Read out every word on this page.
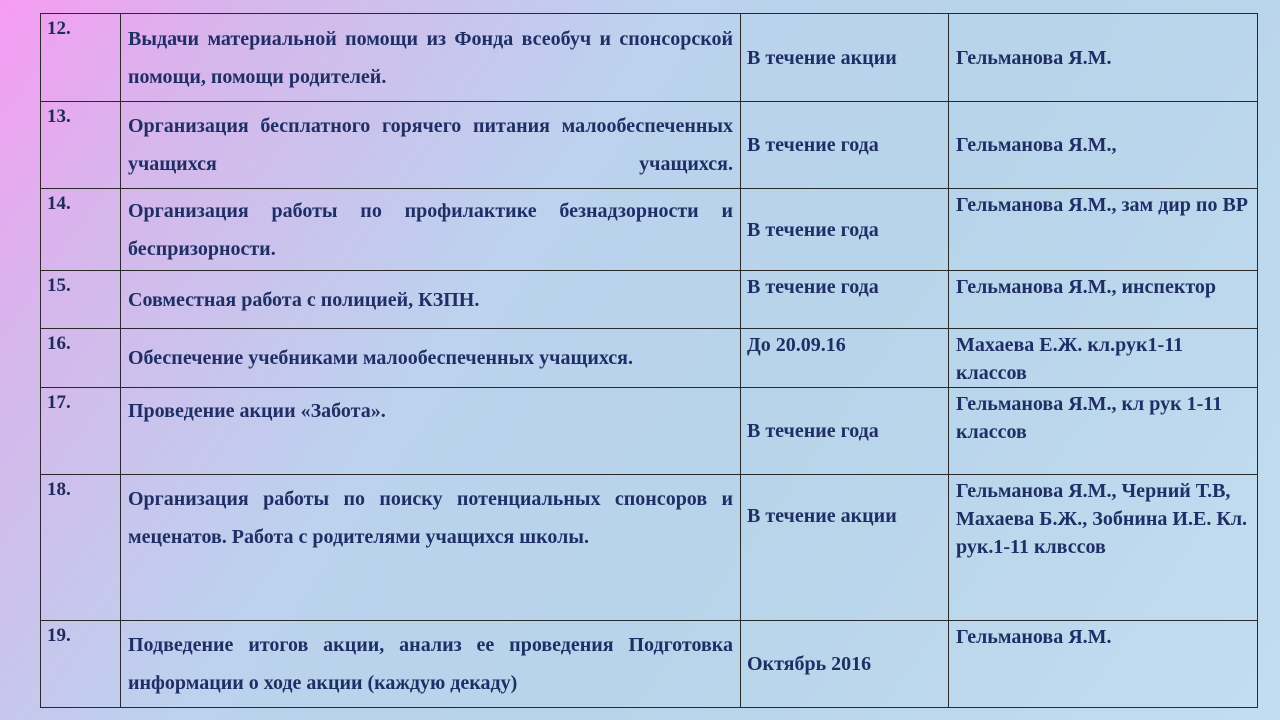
12.	Выдачи материальной помощи из Фонда всеобуч и спонсорской помощи, помощи родителей.	В течение акции	Гельманова Я.М.
13.	Организация бесплатного горячего питания малообеспеченных учащихся учащихся.	В течение года	Гельманова Я.М.,
14.	Организация работы по профилактике безнадзорности и беспризорности.	В течение года	Гельманова Я.М., зам дир по ВР
15.	Совместная работа с полицией, КЗПН.	В течение года	Гельманова Я.М., инспектор
16.	Обеспечение учебниками малообеспеченных учащихся.	До 20.09.16	Махаева Е.Ж. кл.рук1-11 классов
17.	Проведение акции «Забота».	В течение года	Гельманова Я.М., кл рук 1-11 классов
18.	Организация работы по поиску потенциальных спонсоров и меценатов. Работа с родителями учащихся школы.	В течение акции	Гельманова Я.М., Черний Т.В, Махаева Б.Ж., Зобнина И.Е. Кл. рук.1-11 клвссов
19.	Подведение итогов акции, анализ ее проведения Подготовка информации о ходе акции (каждую декаду)	Октябрь 2016	Гельманова Я.М.
